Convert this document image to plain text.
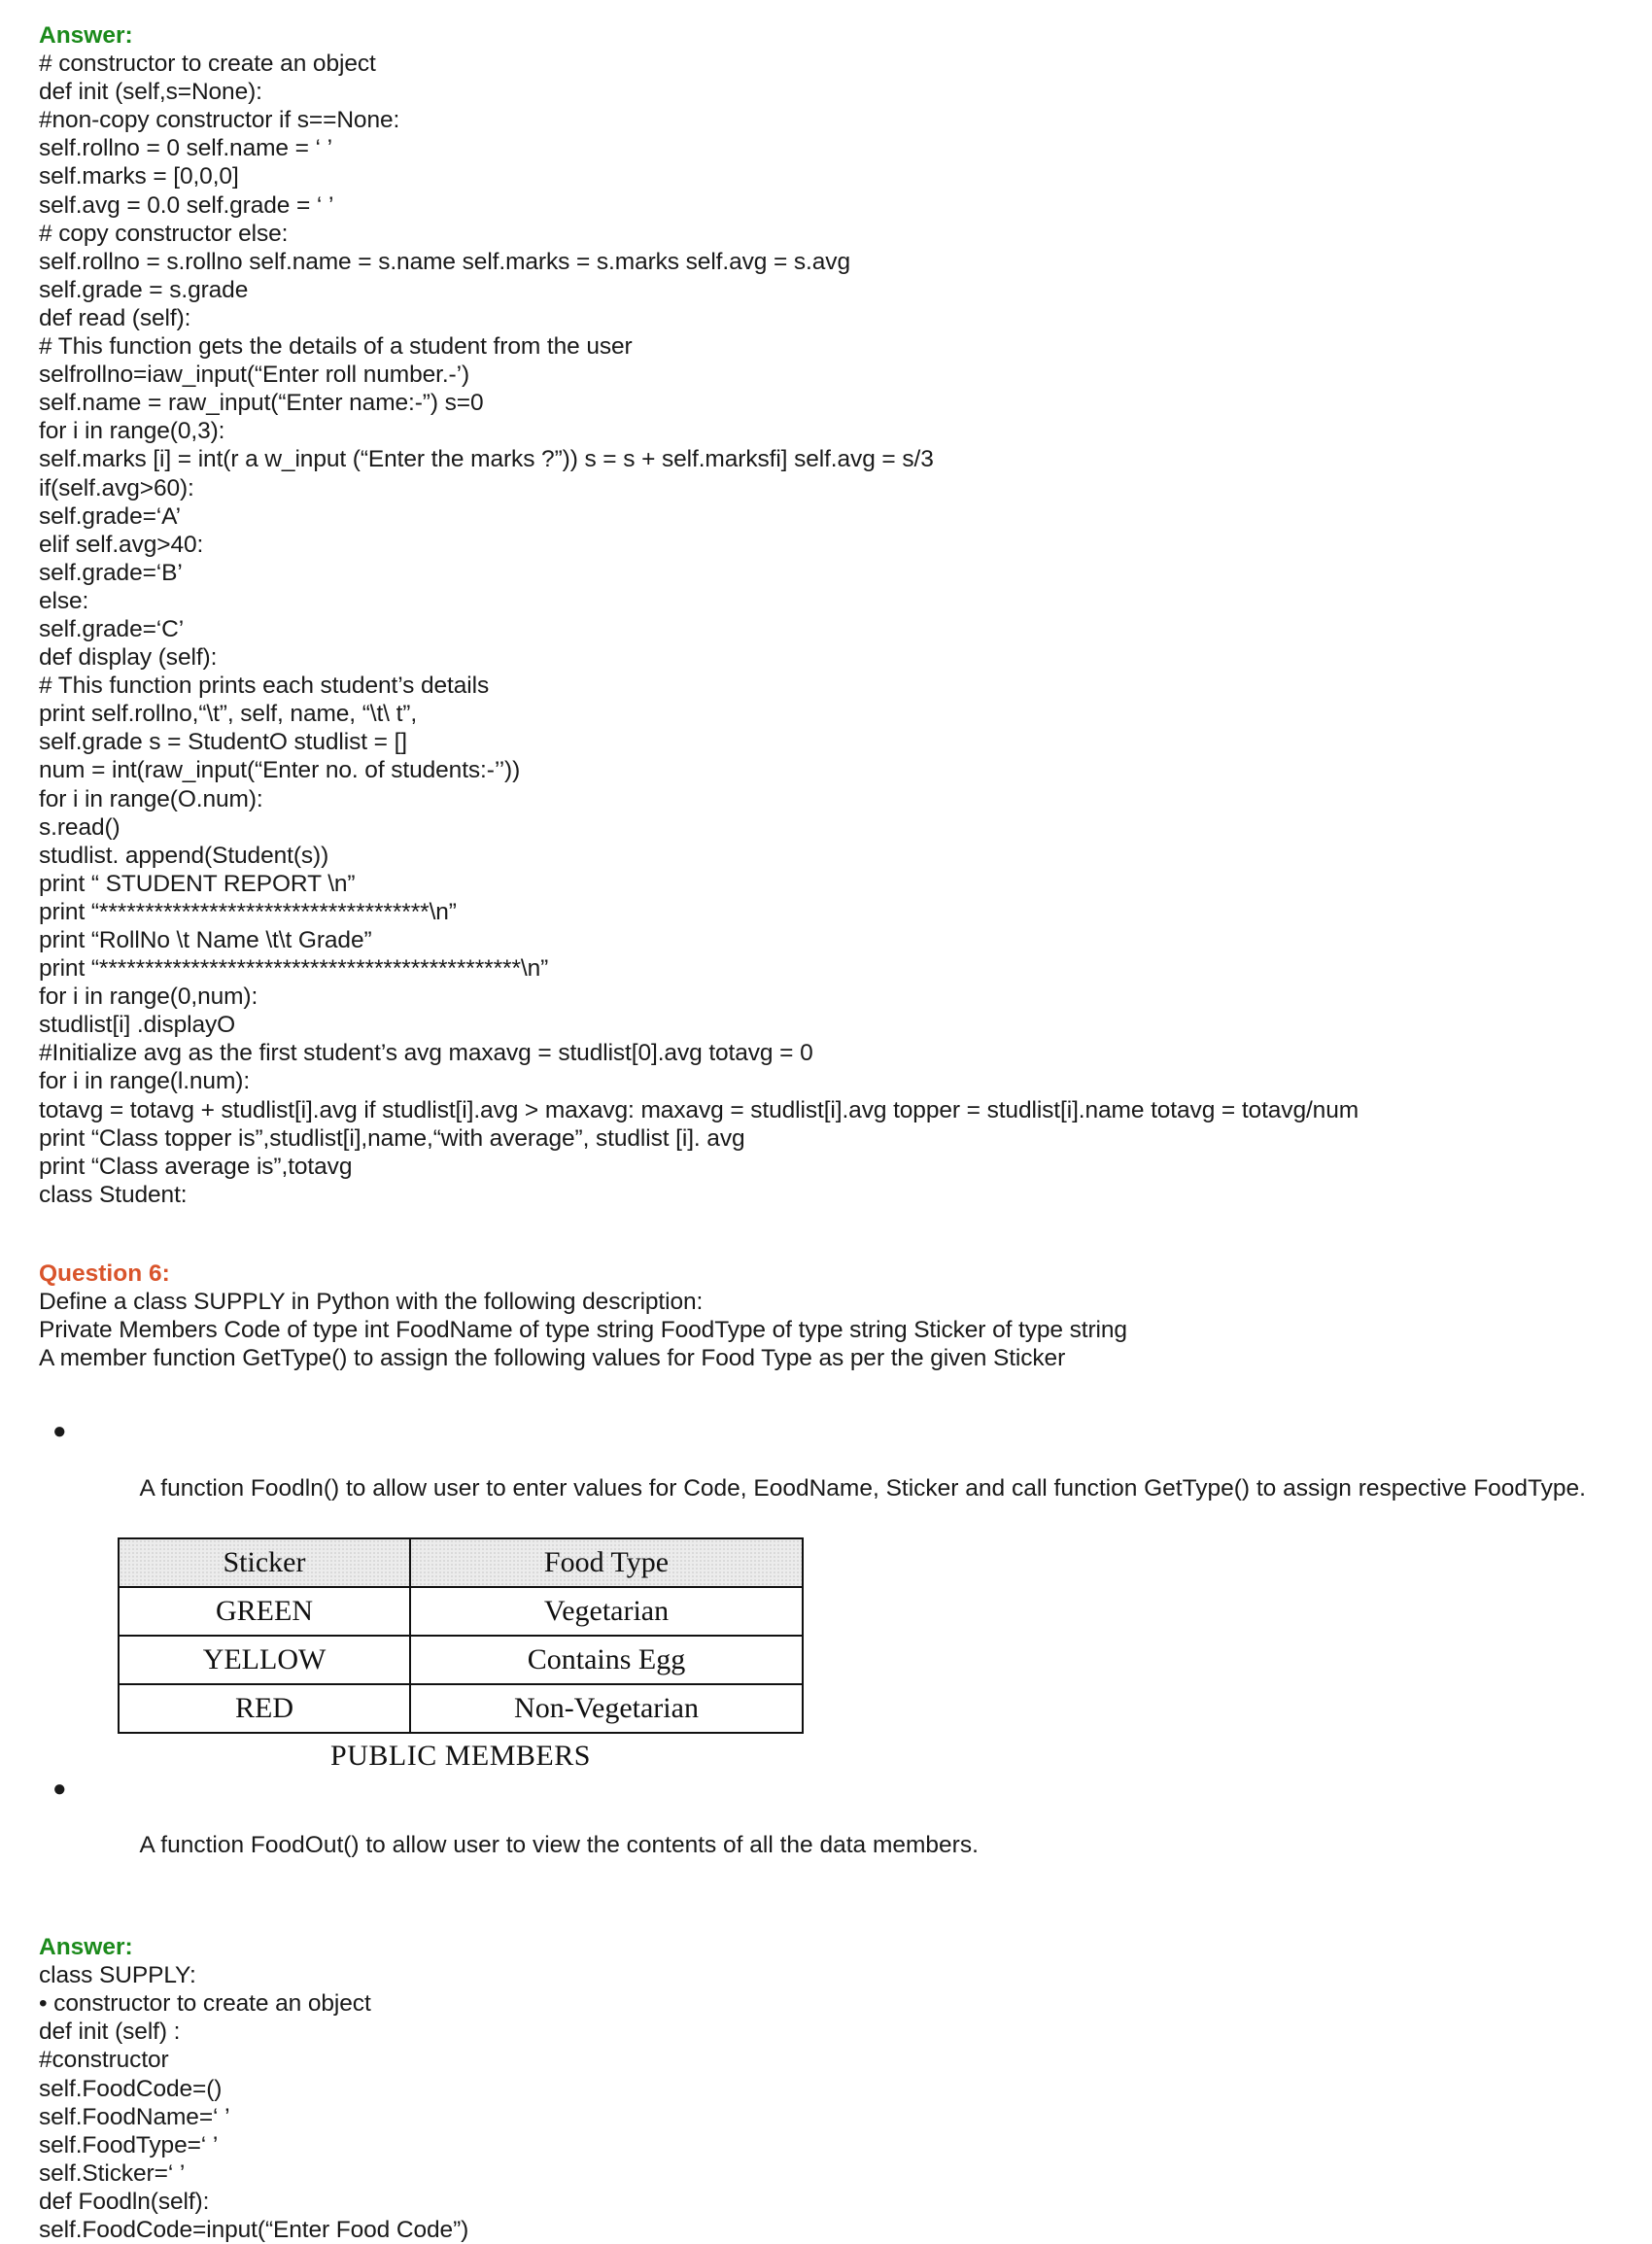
Answer:
# constructor to create an object
def init (self,s=None):
#non-copy constructor if s==None:
self.rollno = 0 self.name = ‘ ’
self.marks = [0,0,0]
self.avg = 0.0 self.grade = ‘ ’
# copy constructor else:
self.rollno = s.rollno self.name = s.name self.marks = s.marks self.avg = s.avg
self.grade = s.grade
def read (self):
# This function gets the details of a student from the user
selfrollno=iaw_input(“Enter roll number.-’)
self.name = raw_input(“Enter name:-”) s=0
for i in range(0,3):
self.marks [i] = int(r a w_input (“Enter the marks ?”)) s = s + self.marksfi] self.avg = s/3
if(self.avg>60):
self.grade=‘A’
elif self.avg>40:
self.grade=‘B’
else:
self.grade=‘C’
def display (self):
# This function prints each student’s details
print self.rollno,“\t”, self, name, “\t\ t”,
self.grade s = StudentO studlist = []
num = int(raw_input(“Enter no. of students:-’’))
for i in range(O.num):
s.read()
studlist. append(Student(s))
print “ STUDENT REPORT \n”
print “************************************\n”
print “RollNo \t Name \t\t Grade”
print “**********************************************\n”
for i in range(0,num):
studlist[i] .displayO
#Initialize avg as the first student’s avg maxavg = studlist[0].avg totavg = 0
for i in range(l.num):
totavg = totavg + studlist[i].avg if studlist[i].avg > maxavg: maxavg = studlist[i].avg topper = studlist[i].name totavg = totavg/num
print “Class topper is”,studlist[i],name,“with average”, studlist [i]. avg
print “Class average is”,totavg
class Student:
Question 6:
Define a class SUPPLY in Python with the following description:
Private Members Code of type int FoodName of type string FoodType of type string Sticker of type string
A member function GetType() to assign the following values for Food Type as per the given Sticker

●

A function Foodln() to allow user to enter values for Code, EoodName, Sticker and call function GetType() to assign respective FoodType.

Sticker	Food Type
GREEN	Vegetarian
YELLOW	Contains Egg
RED	Non-Vegetarian
PUBLIC MEMBERS

●

A function FoodOut() to allow user to view the contents of all the data members.

Answer:
class SUPPLY:
• constructor to create an object
def init (self) :
#constructor
self.FoodCode=()
self.FoodName=‘ ’
self.FoodType=‘ ’
self.Sticker=‘ ’
def Foodln(self):
self.FoodCode=input(“Enter Food Code”)
